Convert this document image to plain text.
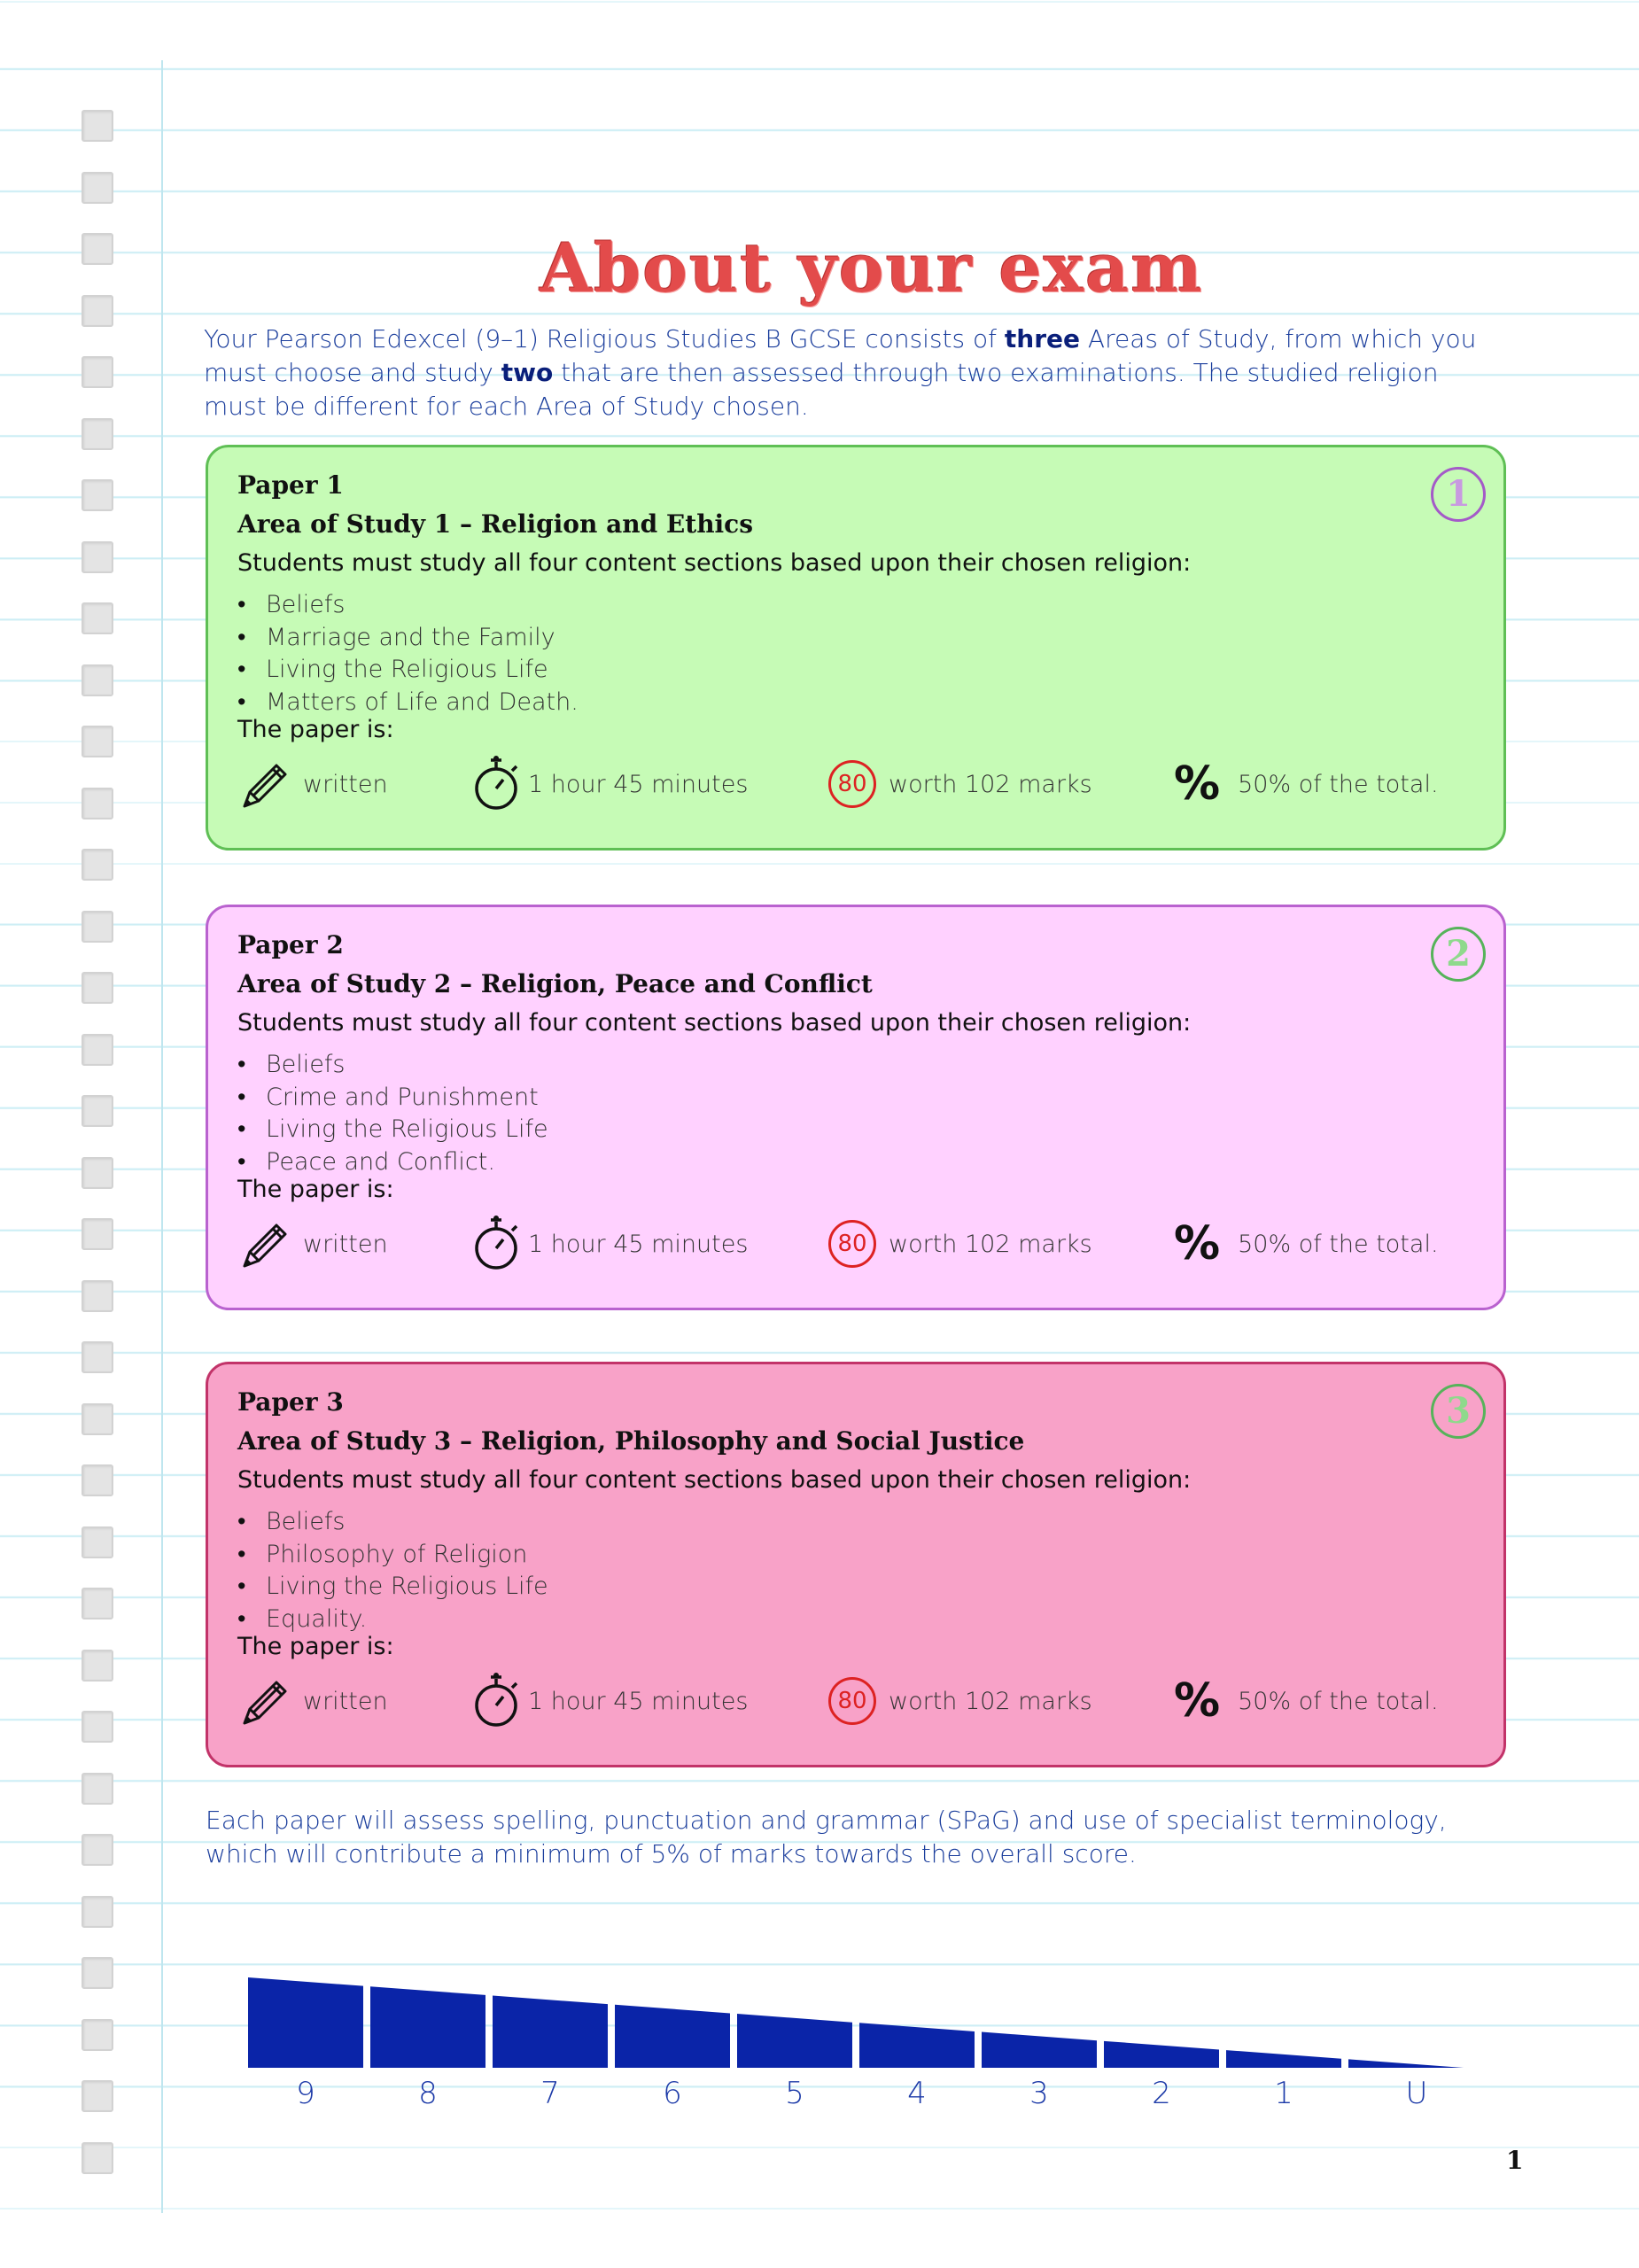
About your exam
Your Pearson Edexcel (9–1) Religious Studies B GCSE consists of three Areas of Study, from which you must choose and study two that are then assessed through two examinations. The studied religion must be different for each Area of Study chosen.
1
Paper 1
Area of Study 1 – Religion and Ethics
Students must study all four content sections based upon their chosen religion:
• Beliefs
• Marriage and the Family
• Living the Religious Life
• Matters of Life and Death.
The paper is:
written	1 hour 45 minutes	80 worth 102 marks % 50% of the total.
2
Paper 2
Area of Study 2 – Religion, Peace and Conflict
Students must study all four content sections based upon their chosen religion:
• Beliefs
• Crime and Punishment
• Living the Religious Life
• Peace and Conflict.
The paper is:
written	1 hour 45 minutes	80 worth 102 marks % 50% of the total.
3
Paper 3
Area of Study 3 – Religion, Philosophy and Social Justice
Students must study all four content sections based upon their chosen religion:
• Beliefs
• Philosophy of Religion
• Living the Religious Life
• Equality.
The paper is:
written	1 hour 45 minutes	80 worth 102 marks % 50% of the total.
Each paper will assess spelling, punctuation and grammar (SPaG) and use of specialist terminology, which will contribute a minimum of 5% of marks towards the overall score.
9	8	7	6	5	4	3	2	1	U
1
